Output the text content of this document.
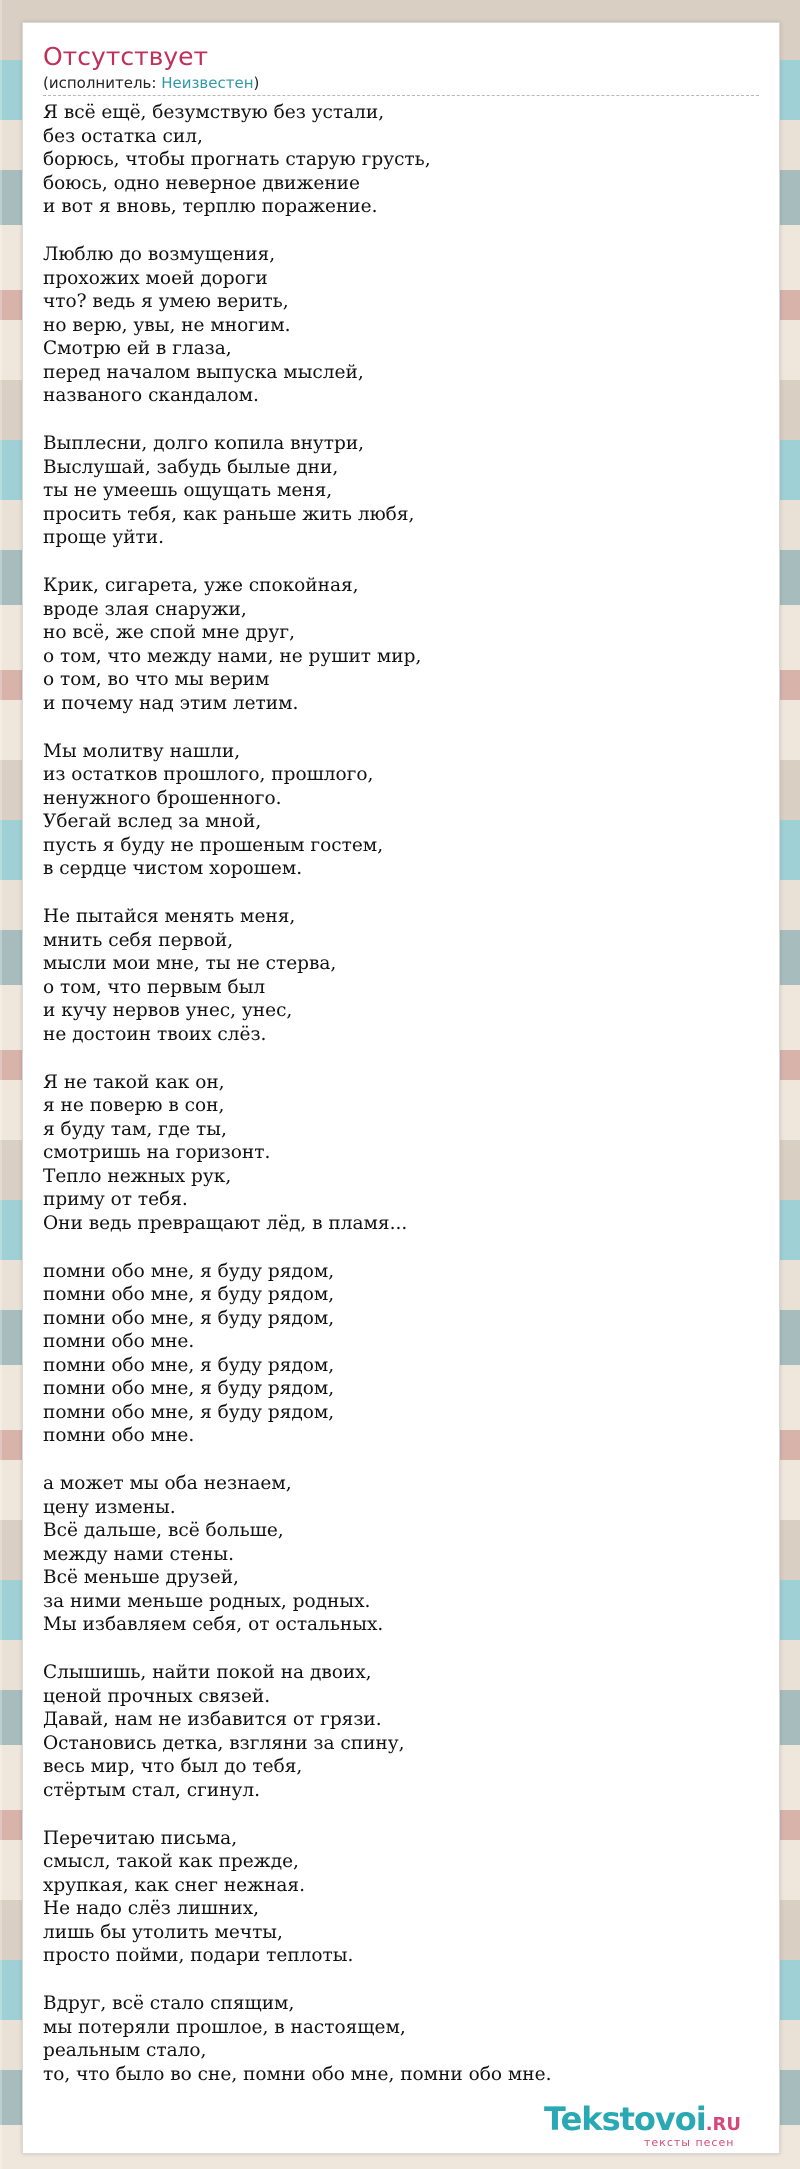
Отсутствует
(исполнитель: Неизвестен)
Я всё ещё, безумствую без устали,
без остатка сил,
борюсь, чтобы прогнать старую грусть,
боюсь, одно неверное движение
и вот я вновь, терплю поражение.
Люблю до возмущения,
прохожих моей дороги
что? ведь я умею верить,
но верю, увы, не многим.
Смотрю ей в глаза,
перед началом выпуска мыслей,
названого скандалом.
Выплесни, долго копила внутри,
Выслушай, забудь былые дни,
ты не умеешь ощущать меня,
просить тебя, как раньше жить любя,
проще уйти.
Крик, сигарета, уже спокойная,
вроде злая снаружи,
но всё, же спой мне друг,
о том, что между нами, не рушит мир,
о том, во что мы верим
и почему над этим летим.
Мы молитву нашли,
из остатков прошлого, прошлого,
ненужного брошенного.
Убегай вслед за мной,
пусть я буду не прошеным гостем,
в сердце чистом хорошем.
Не пытайся менять меня,
мнить себя первой,
мысли мои мне, ты не стерва,
о том, что первым был
и кучу нервов унес, унес,
не достоин твоих слёз.
Я не такой как он,
я не поверю в сон,
я буду там, где ты,
смотришь на горизонт.
Тепло нежных рук,
приму от тебя.
Они ведь превращают лёд, в пламя...
помни обо мне, я буду рядом,
помни обо мне, я буду рядом,
помни обо мне, я буду рядом,
помни обо мне.
помни обо мне, я буду рядом,
помни обо мне, я буду рядом,
помни обо мне, я буду рядом,
помни обо мне.
а может мы оба незнаем,
цену измены.
Всё дальше, всё больше,
между нами стены.
Всё меньше друзей,
за ними меньше родных, родных.
Мы избавляем себя, от остальных.
Слышишь, найти покой на двоих,
ценой прочных связей.
Давай, нам не избавится от грязи.
Остановись детка, взгляни за спину,
весь мир, что был до тебя,
стёртым стал, сгинул.
Перечитаю письма,
смысл, такой как прежде,
хрупкая, как снег нежная.
Не надо слёз лишних,
лишь бы утолить мечты,
просто пойми, подари теплоты.
Вдруг, всё стало спящим,
мы потеряли прошлое, в настоящем,
реальным стало,
то, что было во сне, помни обо мне, помни обо мне.
Tekstovoi.RU
тексты песен
